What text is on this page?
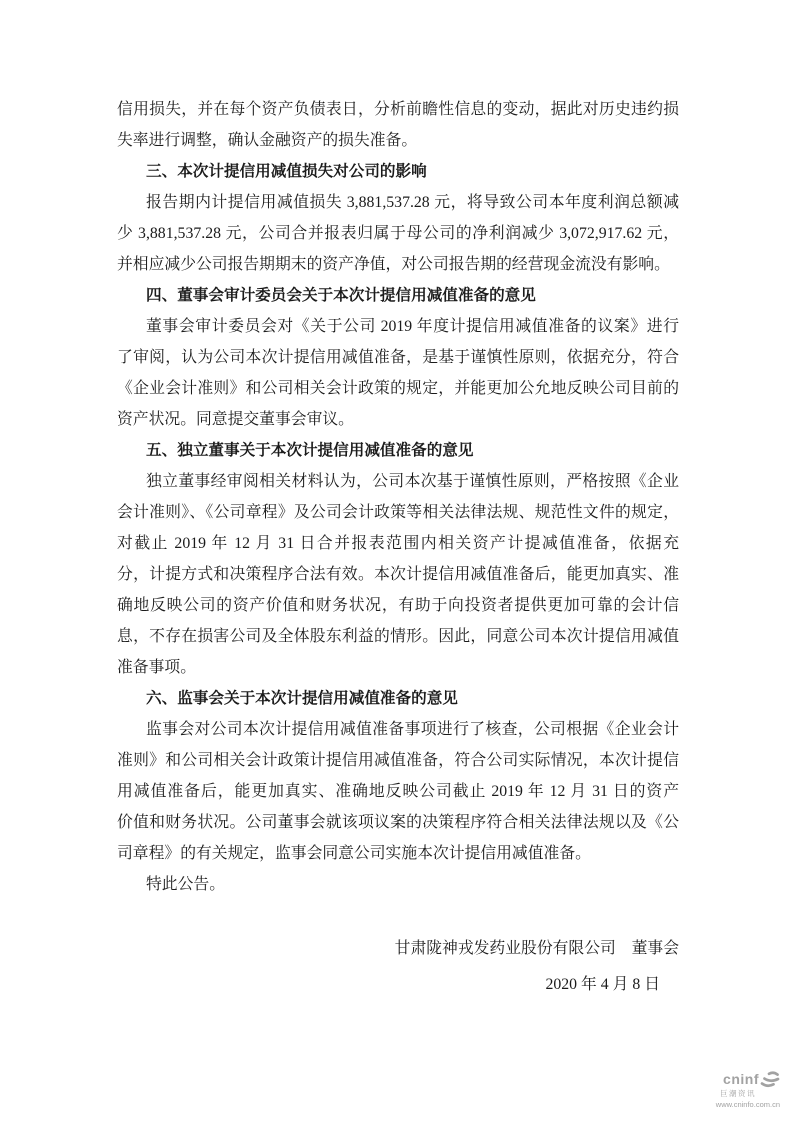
信用损失，并在每个资产负债表日，分析前瞻性信息的变动，据此对历史违约损
失率进行调整，确认金融资产的损失准备。
三、本次计提信用减值损失对公司的影响
报告期内计提信用减值损失 3,881,537.28 元，将导致公司本年度利润总额减
少 3,881,537.28 元，公司合并报表归属于母公司的净利润减少 3,072,917.62 元，
并相应减少公司报告期期末的资产净值，对公司报告期的经营现金流没有影响。
四、董事会审计委员会关于本次计提信用减值准备的意见
董事会审计委员会对《关于公司 2019 年度计提信用减值准备的议案》进行
了审阅，认为公司本次计提信用减值准备，是基于谨慎性原则，依据充分，符合
《企业会计准则》和公司相关会计政策的规定，并能更加公允地反映公司目前的
资产状况。同意提交董事会审议。
五、独立董事关于本次计提信用减值准备的意见
独立董事经审阅相关材料认为，公司本次基于谨慎性原则，严格按照《企业
会计准则》、《公司章程》及公司会计政策等相关法律法规、规范性文件的规定，
对截止 2019 年 12 月 31 日合并报表范围内相关资产计提减值准备，依据充
分，计提方式和决策程序合法有效。本次计提信用减值准备后，能更加真实、准
确地反映公司的资产价值和财务状况，有助于向投资者提供更加可靠的会计信
息，不存在损害公司及全体股东利益的情形。因此，同意公司本次计提信用减值
准备事项。
六、监事会关于本次计提信用减值准备的意见
监事会对公司本次计提信用减值准备事项进行了核查，公司根据《企业会计
准则》和公司相关会计政策计提信用减值准备，符合公司实际情况，本次计提信
用减值准备后，能更加真实、准确地反映公司截止 2019 年 12 月 31 日的资产
价值和财务状况。公司董事会就该项议案的决策程序符合相关法律法规以及《公
司章程》的有关规定，监事会同意公司实施本次计提信用减值准备。
特此公告。
甘肃陇神戎发药业股份有限公司　董事会
2020 年 4 月 8 日
cninf
巨潮资讯
www.cninfo.com.cn
